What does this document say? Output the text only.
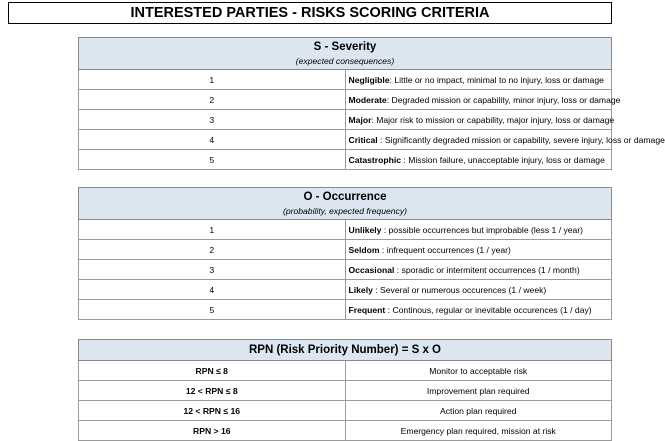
INTERESTED PARTIES - RISKS SCORING CRITERIA
S - Severity
(expected consequences)	

1	Negligible: Little or no impact, minimal to no injury, loss or damage
2	Moderate: Degraded mission or capability, minor injury, loss or damage
3	Major: Major risk to mission or capability, major injury, loss or damage
4	Critical : Significantly degraded mission or capability, severe injury, loss or damage
5	Catastrophic : Mission failure, unacceptable injury, loss or damage
O - Occurrence
(probability, expected frequency)	

1	Unlikely : possible occurrences but improbable (less 1 / year)
2	Seldom : infrequent occurrences (1 / year)
3	Occasional : sporadic or intermitent occurrences (1 / month)
4	Likely : Several or numerous occurences (1 / week)
5	Frequent : Continous, regular or inevitable occurences (1 / day)
RPN (Risk Priority Number) = S x O	

RPN ≤ 8	Monitor to acceptable risk
12 < RPN ≤ 8	Improvement plan required
12 < RPN ≤ 16	Action plan required
RPN > 16	Emergency plan required, mission at risk
